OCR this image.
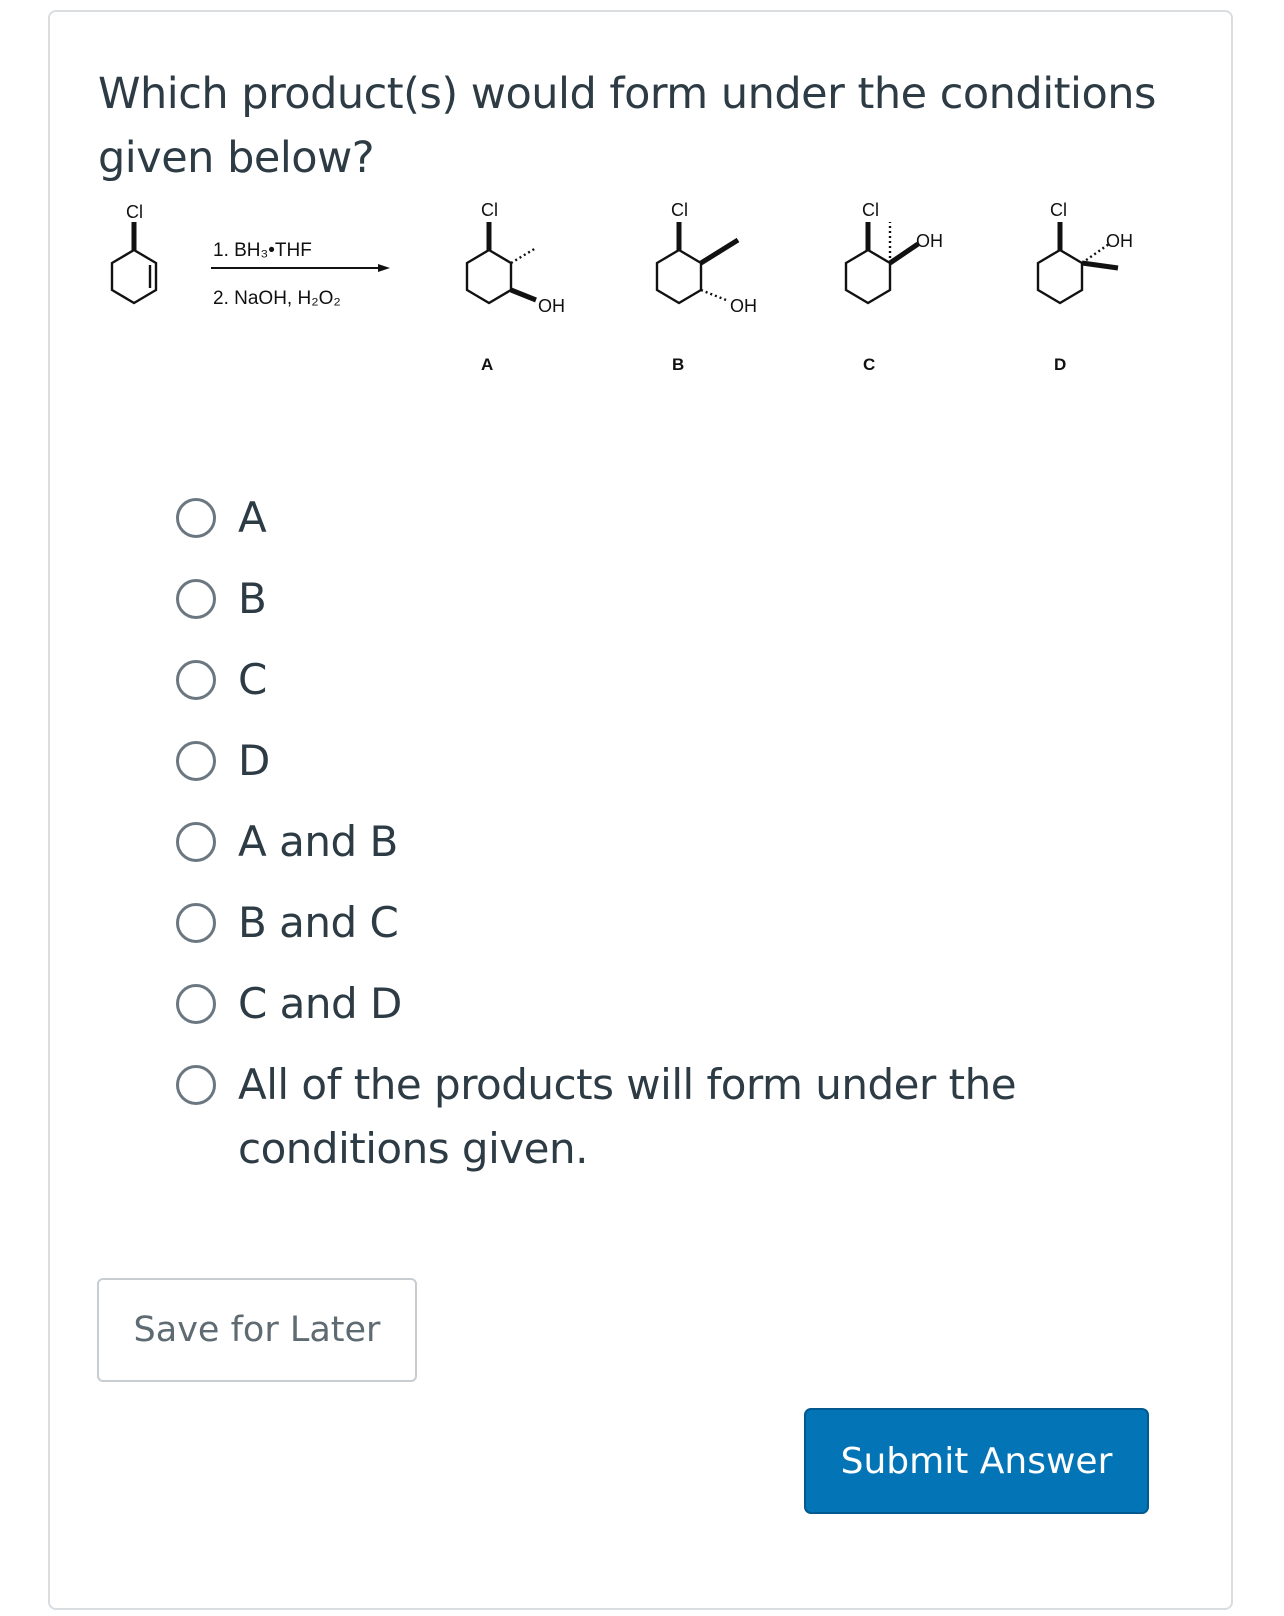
Which product(s) would form under the conditions given below?
Cl
1. BH₃•THF
2. NaOH, H₂O₂
Cl
OH
A
Cl
OH
B
Cl
OH
C
Cl
OH
D
A
B
C
D
A and B
B and C
C and D
All of the products will form under the conditions given.
Save for Later
Submit Answer
